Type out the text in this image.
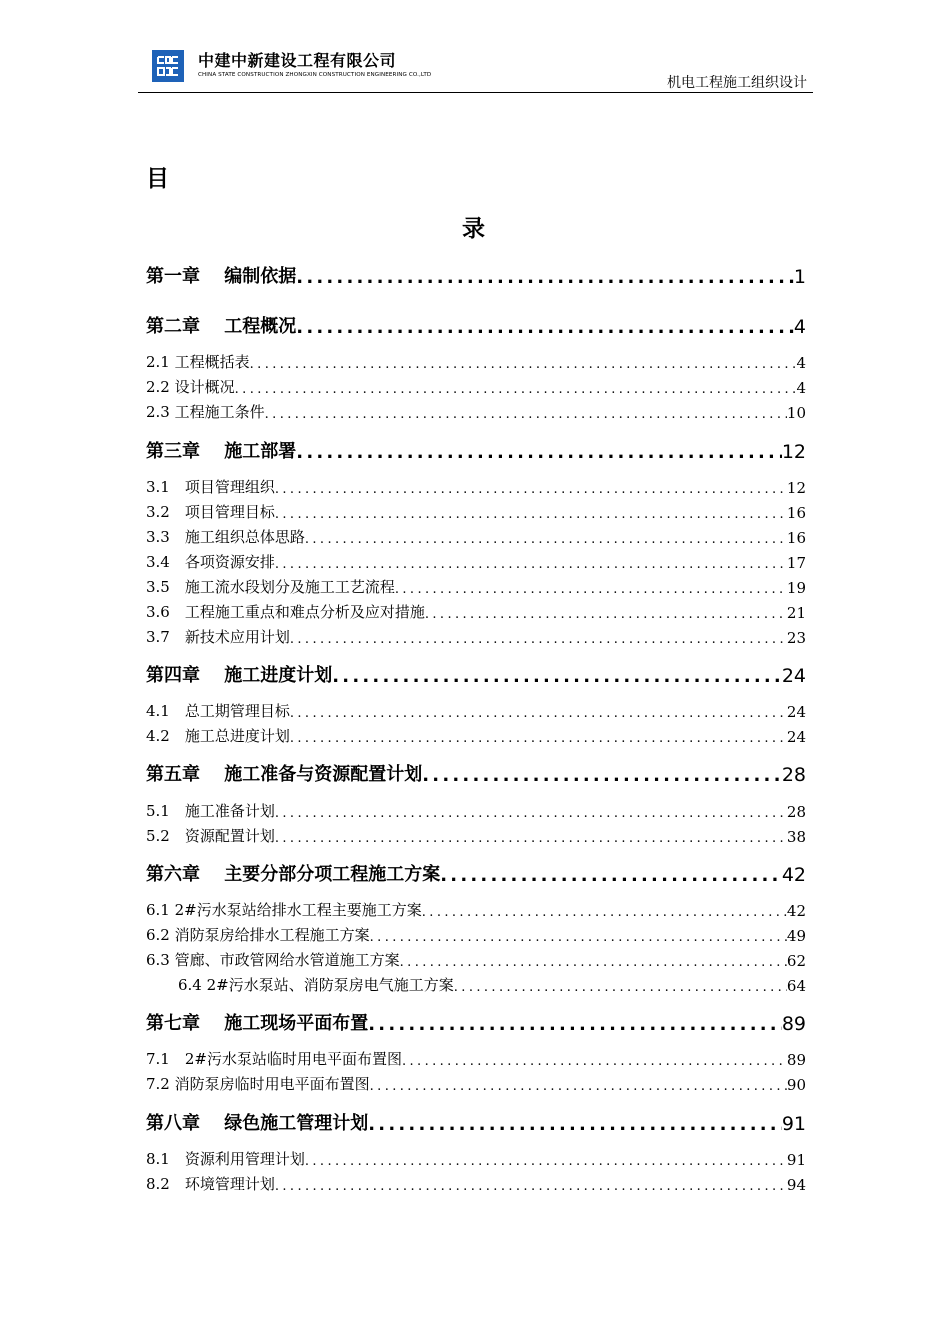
中建中新建设工程有限公司
CHINA STATE CONSTRUCTION ZHONGXIN CONSTRUCTION ENGINEERING CO.,LTD	机电工程施工组织设计
目
录
第一章　 编制依据 .....	1
第二章　 工程概况 .....	4
2.1 工程概括表 .....	4
2.2 设计概况 .....	4
2.3 工程施工条件 .....	10
第三章　 施工部署 .....	12
3.1　项目管理组织 .....	12
3.2　项目管理目标 .....	16
3.3　施工组织总体思路 .....	16
3.4　各项资源安排 .....	17
3.5　施工流水段划分及施工工艺流程 .....	19
3.6　工程施工重点和难点分析及应对措施 .....	21
3.7　新技术应用计划 .....	23
第四章　 施工进度计划 .....	24
4.1　总工期管理目标 .....	24
4.2　施工总进度计划 .....	24
第五章　 施工准备与资源配置计划 .....	28
5.1　施工准备计划 .....	28
5.2　资源配置计划 .....	38
第六章　 主要分部分项工程施工方案 .....	42
6.1 2#污水泵站给排水工程主要施工方案 .....	42
6.2 消防泵房给排水工程施工方案 .....	49
6.3 管廊、市政管网给水管道施工方案 .....	62
6.4 2#污水泵站、消防泵房电气施工方案 .....	64
第七章　 施工现场平面布置 .....	89
7.1　2#污水泵站临时用电平面布置图 .....	89
7.2 消防泵房临时用电平面布置图 .....	90
第八章　 绿色施工管理计划 .....	91
8.1　资源利用管理计划 .....	91
8.2　环境管理计划 .....	94
